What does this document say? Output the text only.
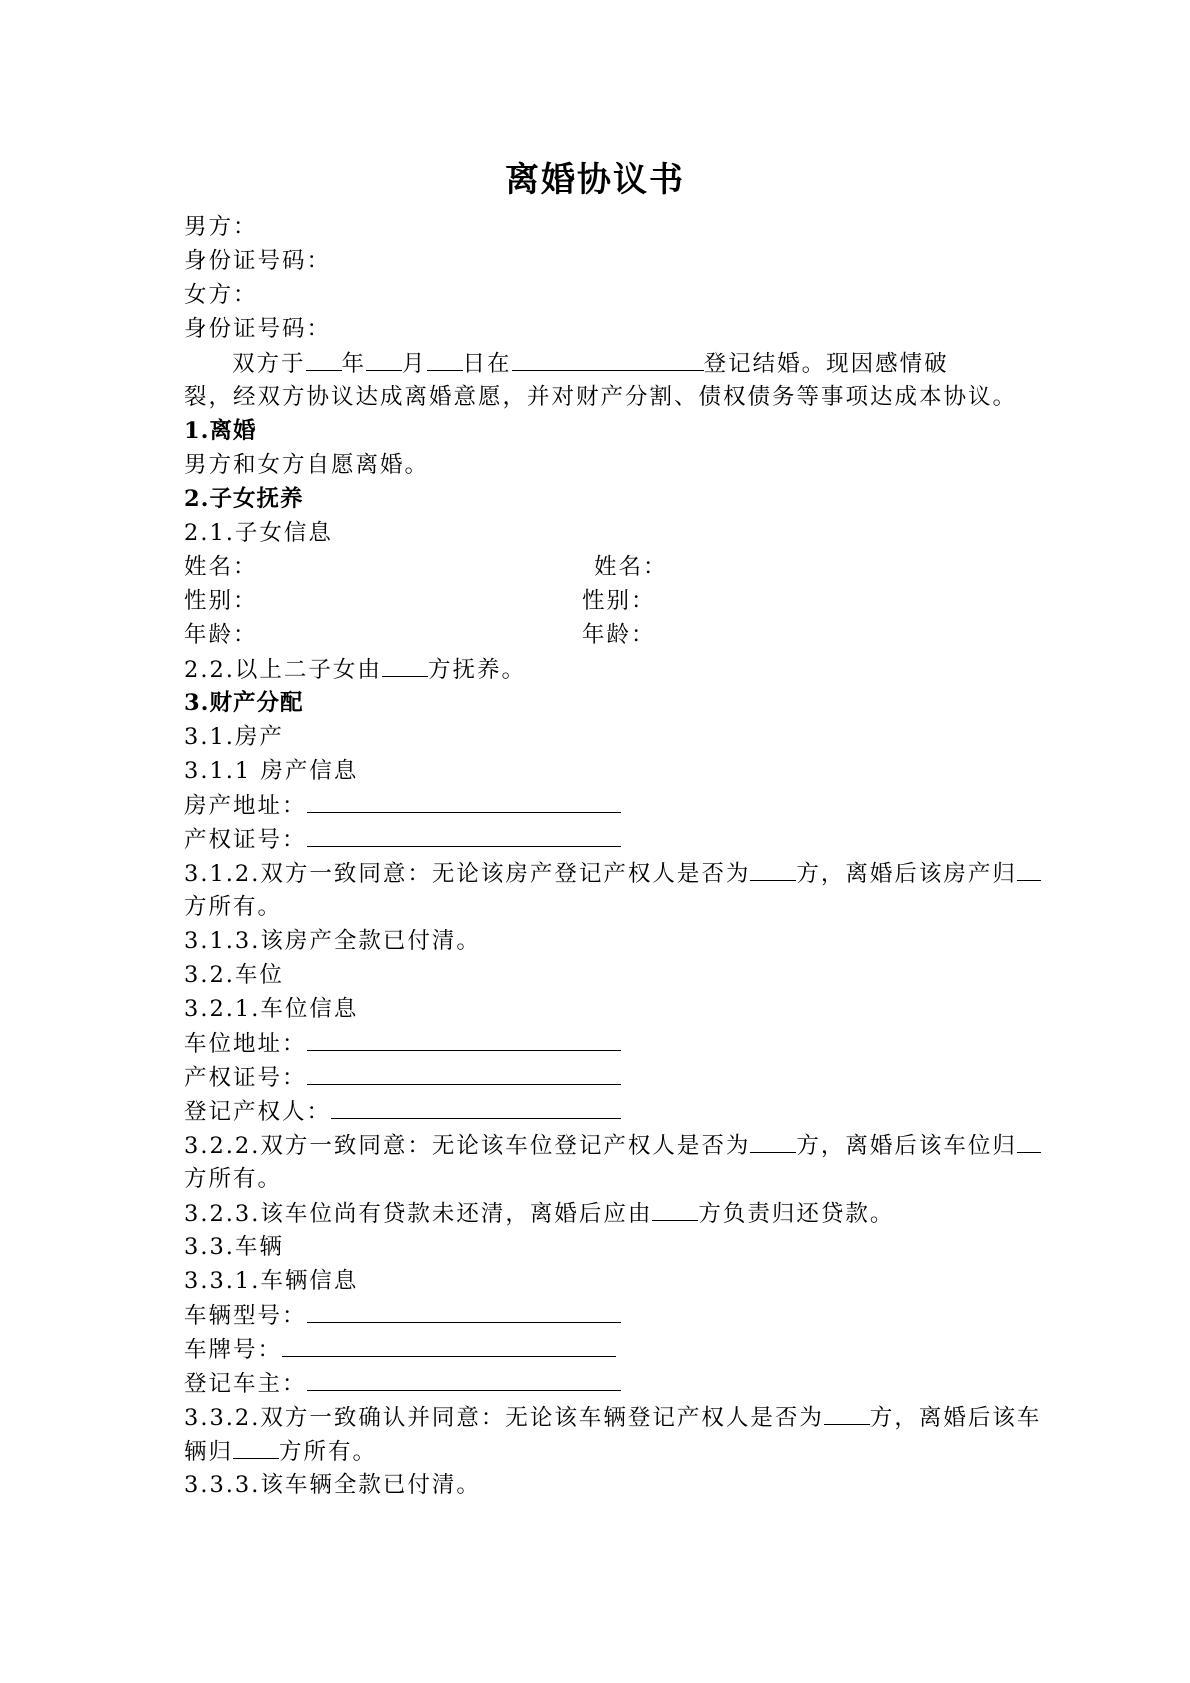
离婚协议书
男方：
身份证号码：
女方：
身份证号码：
双方于 年 月 日在	登记结婚。现因感情破
裂，经双方协议达成离婚意愿，并对财产分割、债权债务等事项达成本协议。
1.离婚
男方和女方自愿离婚。
2.子女抚养
2.1.子女信息
姓名：	姓名：
性别：	性别：
年龄：	年龄：
2.2.以上二子女由 方抚养。
3.财产分配
3.1.房产
3.1.1 房产信息
房产地址：
产权证号：
3.1.2.双方一致同意：无论该房产登记产权人是否为 方，离婚后该房产归
方所有。
3.1.3.该房产全款已付清。
3.2.车位
3.2.1.车位信息
车位地址：
产权证号：
登记产权人：
3.2.2.双方一致同意：无论该车位登记产权人是否为 方，离婚后该车位归
方所有。
3.2.3.该车位尚有贷款未还清，离婚后应由 方负责归还贷款。
3.3.车辆
3.3.1.车辆信息
车辆型号：
车牌号：
登记车主：
3.3.2.双方一致确认并同意：无论该车辆登记产权人是否为 方，离婚后该车
辆归 方所有。
3.3.3.该车辆全款已付清。
